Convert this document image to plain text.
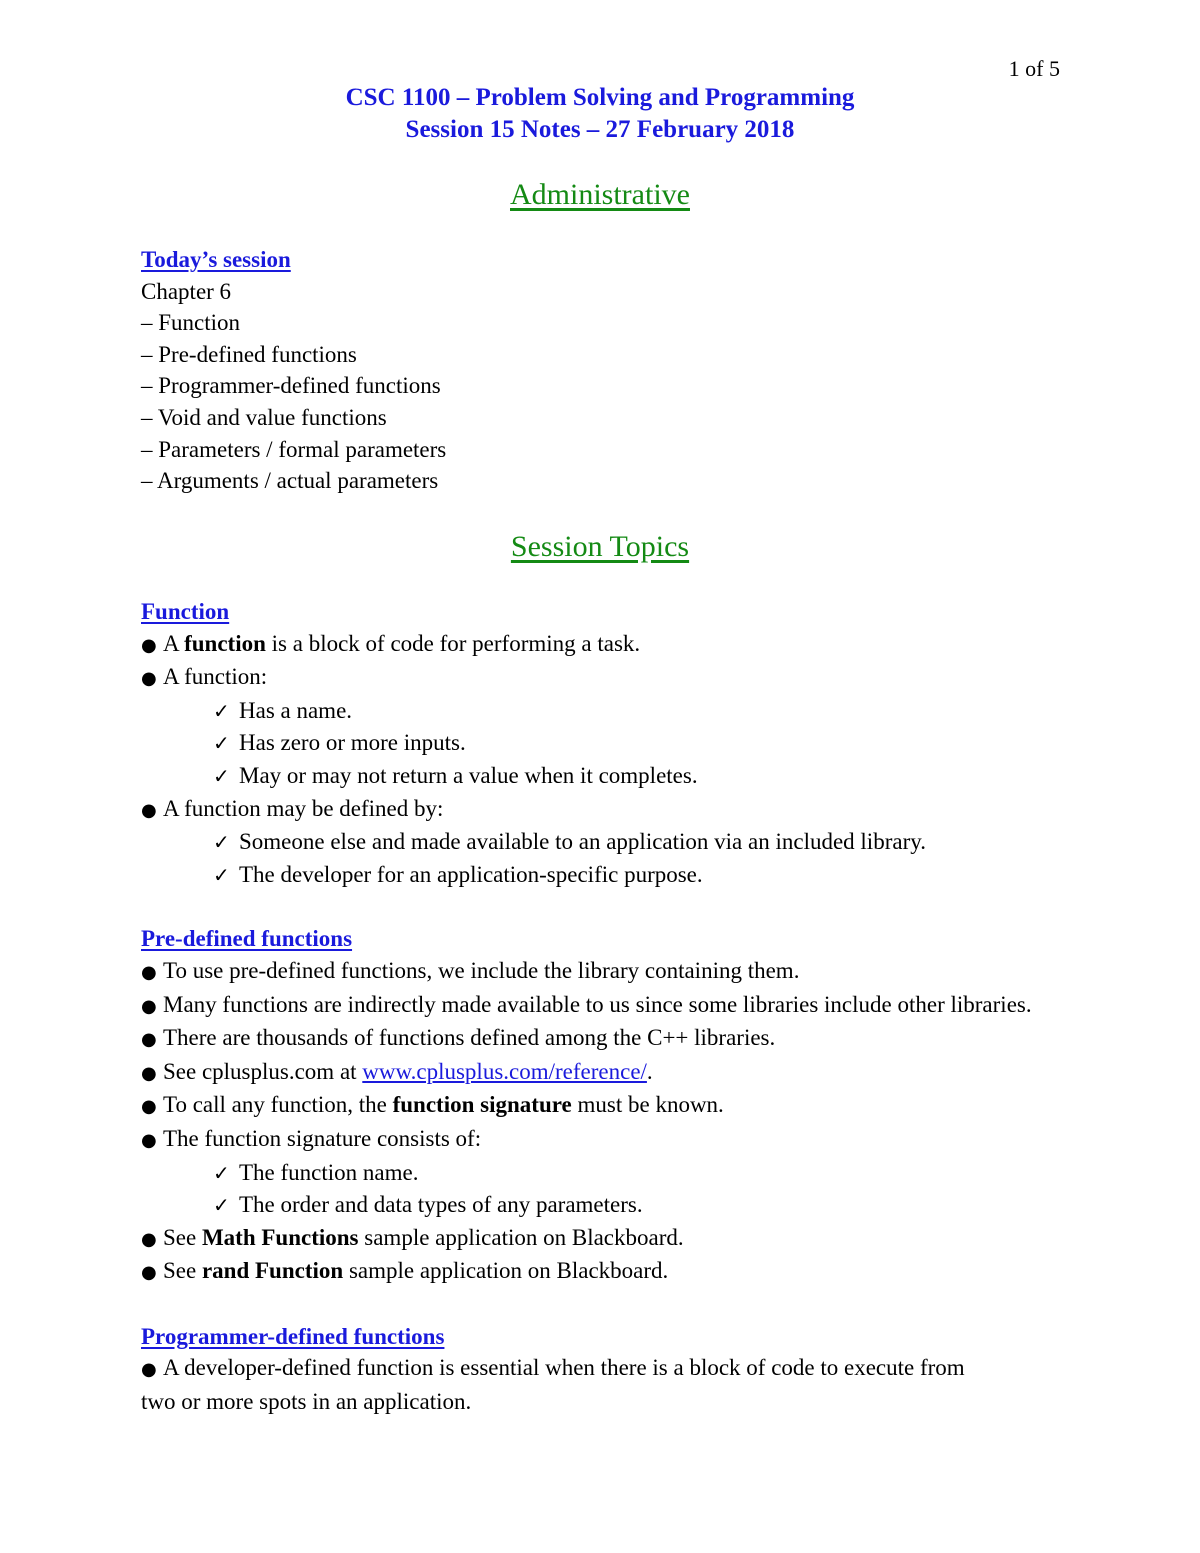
1 of 5
CSC 1100 – Problem Solving and Programming
Session 15 Notes – 27 February 2018
Administrative
Today’s session
Chapter 6
– Function
– Pre-defined functions
– Programmer-defined functions
– Void and value functions
– Parameters / formal parameters
– Arguments / actual parameters
Session Topics
Function
● A function is a block of code for performing a task.
● A function:
✓ Has a name.
✓ Has zero or more inputs.
✓ May or may not return a value when it completes.
● A function may be defined by:
✓ Someone else and made available to an application via an included library.
✓ The developer for an application-specific purpose.
Pre-defined functions
● To use pre-defined functions, we include the library containing them.
● Many functions are indirectly made available to us since some libraries include other libraries.
● There are thousands of functions defined among the C++ libraries.
● See cplusplus.com at www.cplusplus.com/reference/.
● To call any function, the function signature must be known.
● The function signature consists of:
✓ The function name.
✓ The order and data types of any parameters.
● See Math Functions sample application on Blackboard.
● See rand Function sample application on Blackboard.
Programmer-defined functions
● A developer-defined function is essential when there is a block of code to execute from two or more spots in an application.
